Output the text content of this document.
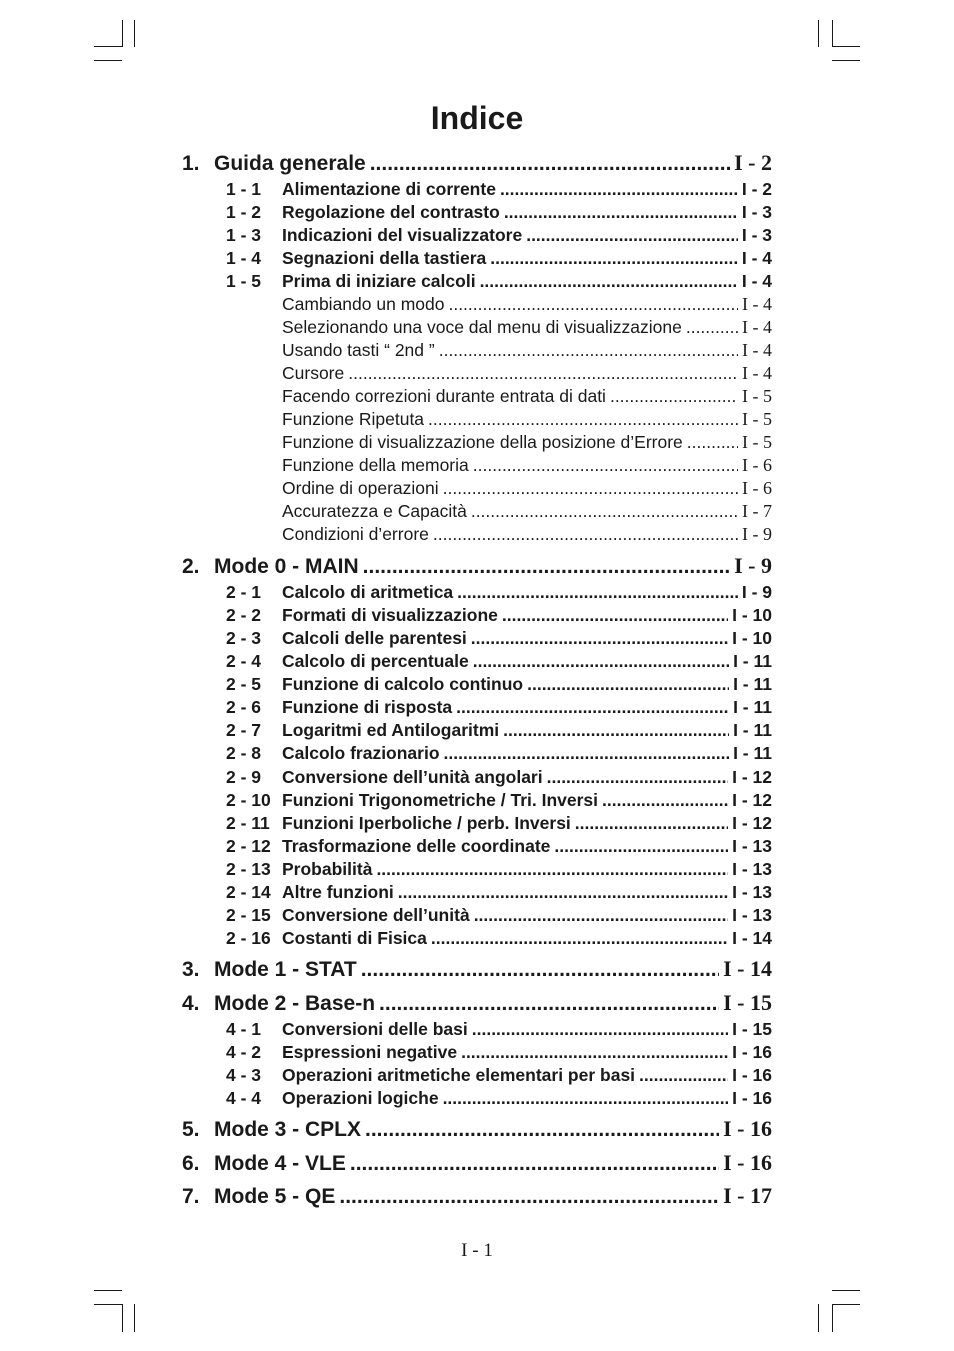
Indice
1. Guida generale .....	I - 2
1 - 1 Alimentazione di corrente .....	I - 2
1 - 2 Regolazione del contrasto .....	I - 3
1 - 3 Indicazioni del visualizzatore .....	I - 3
1 - 4 Segnazioni della tastiera .....	I - 4
1 - 5 Prima di iniziare calcoli .....	I - 4
Cambiando un modo .....	I - 4
Selezionando una voce dal menu di visualizzazione .....	I - 4
Usando tasti “ 2nd ” .....	I - 4
Cursore .....	I - 4
Facendo correzioni durante entrata di dati .....	I - 5
Funzione Ripetuta .....	I - 5
Funzione di visualizzazione della posizione d’Errore .....	I - 5
Funzione della memoria .....	I - 6
Ordine di operazioni .....	I - 6
Accuratezza e Capacità .....	I - 7
Condizioni d’errore .....	I - 9
2. Mode 0 - MAIN .....	I - 9
2 - 1 Calcolo di aritmetica .....	I - 9
2 - 2 Formati di visualizzazione .....	I - 10
2 - 3 Calcoli delle parentesi .....	I - 10
2 - 4 Calcolo di percentuale .....	I - 11
2 - 5 Funzione di calcolo continuo .....	I - 11
2 - 6 Funzione di risposta .....	I - 11
2 - 7 Logaritmi ed Antilogaritmi .....	I - 11
2 - 8 Calcolo frazionario .....	I - 11
2 - 9 Conversione dell’unità angolari .....	I - 12
2 - 10 Funzioni Trigonometriche / Tri. Inversi .....	I - 12
2 - 11 Funzioni Iperboliche / perb. Inversi .....	I - 12
2 - 12 Trasformazione delle coordinate .....	I - 13
2 - 13 Probabilità .....	I - 13
2 - 14 Altre funzioni .....	I - 13
2 - 15 Conversione dell’unità .....	I - 13
2 - 16 Costanti di Fisica .....	I - 14
3. Mode 1 - STAT .....	I - 14
4. Mode 2 - Base-n .....	I - 15
4 - 1 Conversioni delle basi .....	I - 15
4 - 2 Espressioni negative .....	I - 16
4 - 3 Operazioni aritmetiche elementari per basi .....	I - 16
4 - 4 Operazioni logiche .....	I - 16
5. Mode 3 - CPLX .....	I - 16
6. Mode 4 - VLE .....	I - 16
7. Mode 5 - QE .....	I - 17
I - 1
